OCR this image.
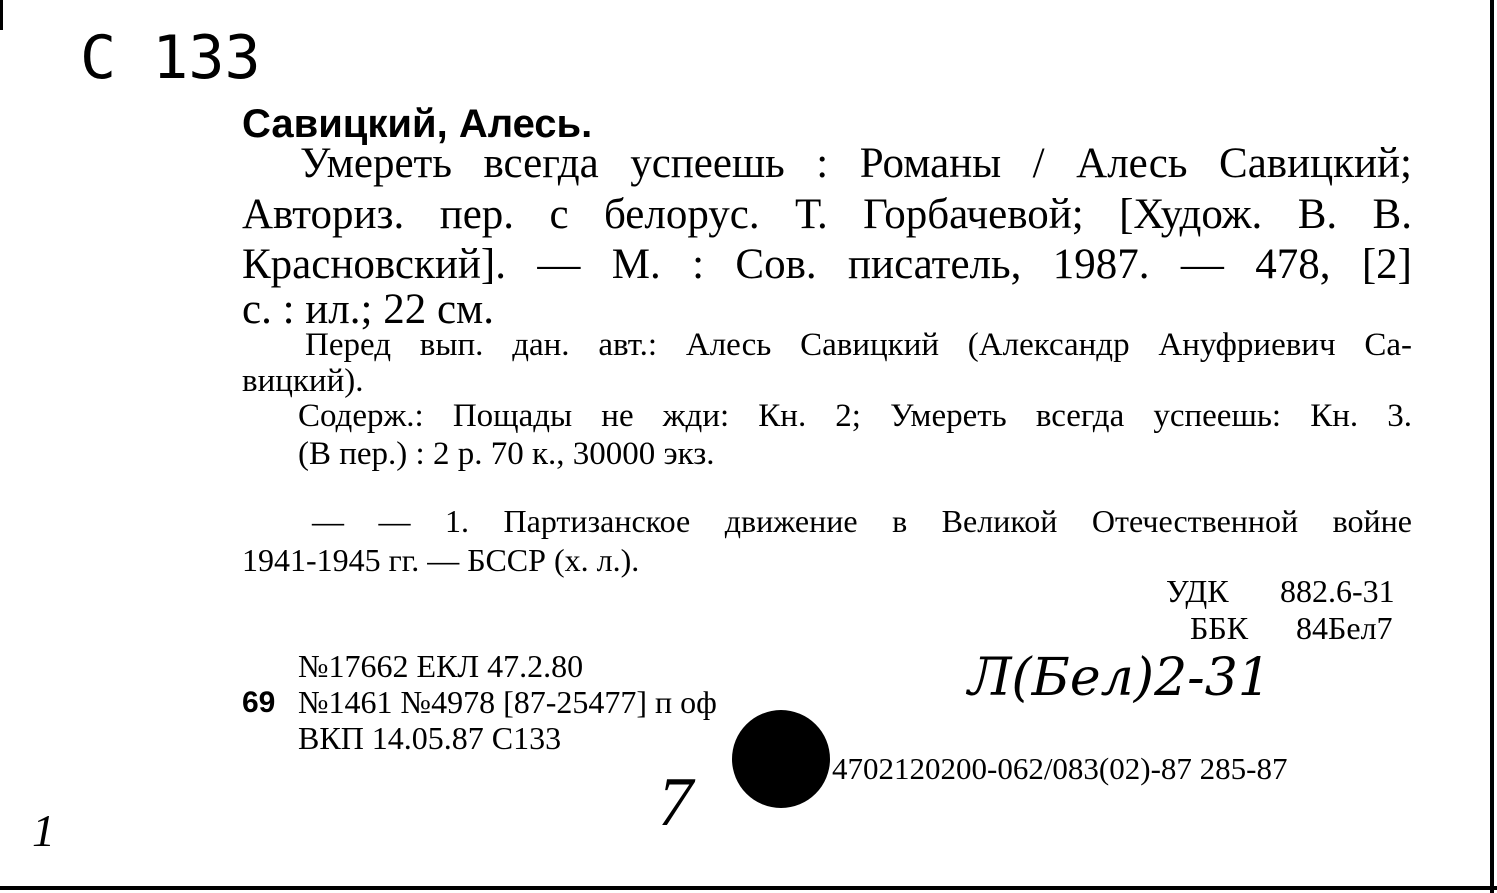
С 133
Савицкий, Алесь.
Умереть всегда успеешь : Романы / Алесь Савицкий;
Авториз. пер. с белорус. Т. Горбачевой; [Худож. В. В.
Красновский]. — М. : Сов. писатель, 1987. — 478, [2]
с. : ил.; 22 см.
Перед вып. дан. авт.: Алесь Савицкий (Александр Ануфриевич Са-
вицкий).
Содерж.: Пощады не жди: Кн. 2; Умереть всегда успеешь: Кн. 3.
(В пер.) : 2 р. 70 к., 30000 экз.
— — 1. Партизанское движение в Великой Отечественной войне
1941-1945 гг. — БССР (х. л.).
УДК 882.6-31
ББК 84Бел7
№17662 ЕКЛ 47.2.80
69 №1461 №4978 [87-25477] п оф
ВКП 14.05.87 С133
4702120200-062/083(02)-87 285-87
Л(Бел)2-31
7
1
